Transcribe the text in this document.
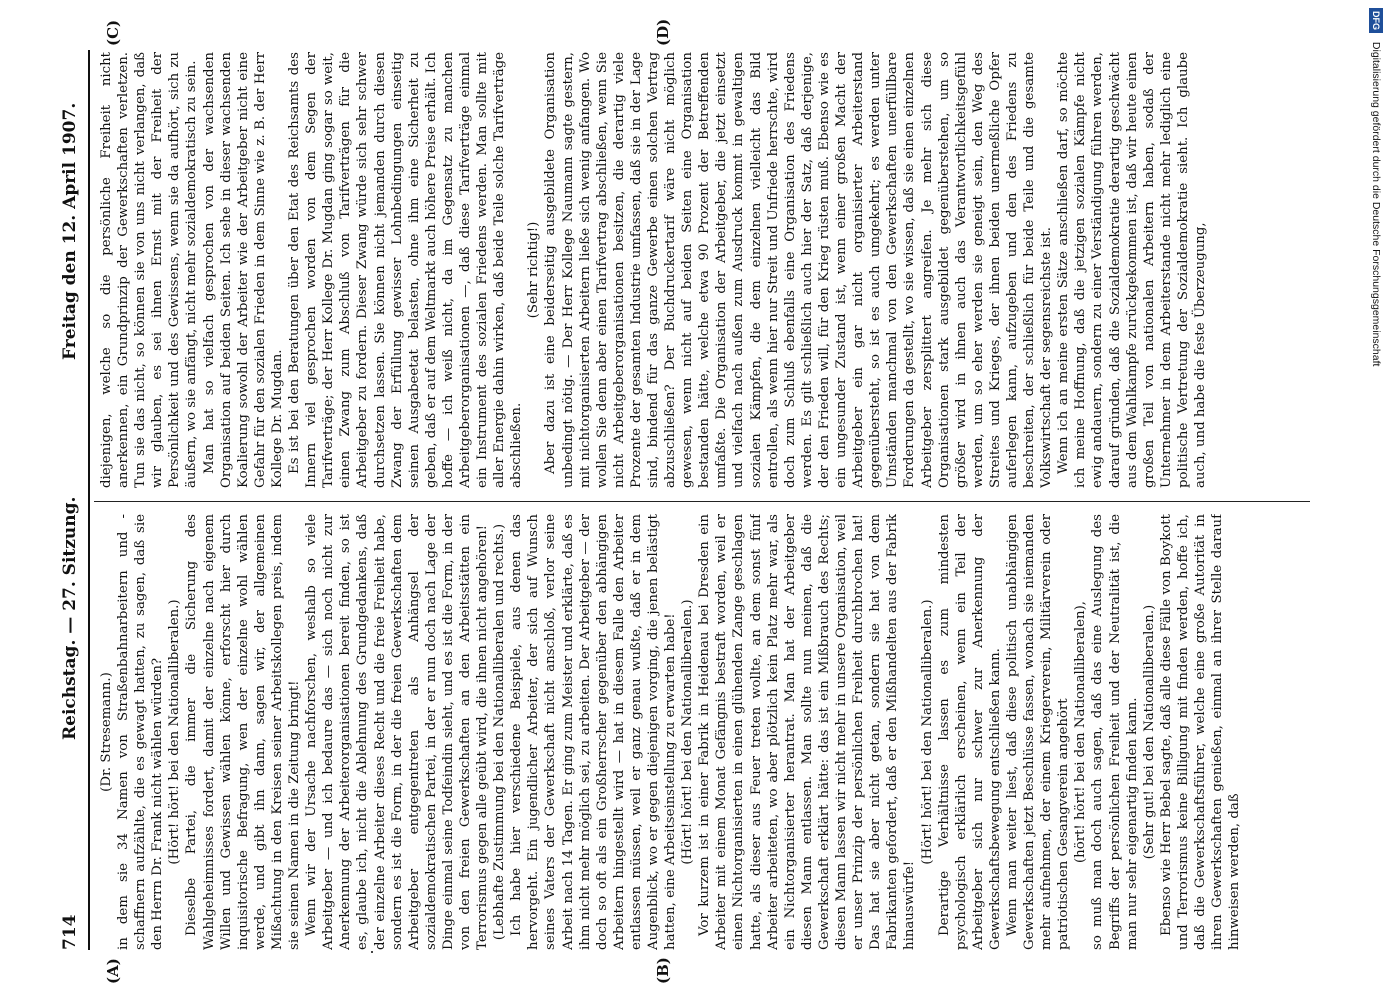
714
Reichstag. — 27. Sitzung.
Freitag den 12. April 1907.
(A)	(B)
(C)	(D)

(Dr. Stresemann.) in dem sie 34 Namen von Straßenbahnarbeitern und -schaffnern aufzählte, die es gewagt hatten, zu sagen, daß sie den Herrn Dr. Frank nicht wählen würden? (Hört! hört! bei den Nationalliberalen.) Dieselbe Partei, die immer die Sicherung des Wahlgeheimnisses fordert, damit der einzelne nach eigenem Willen und Gewissen wählen könne, erforscht hier durch inquisitorische Befragung, wen der einzelne wohl wählen werde, und gibt ihn dann, sagen wir, der allgemeinen Mißachtung in den Kreisen seiner Arbeitskollegen preis, indem sie seinen Namen in die Zeitung bringt! Wenn wir der Ursache nachforschen, weshalb so viele Arbeitgeber — und ich bedaure das — sich noch nicht zur Anerkennung der Arbeiterorganisationen bereit finden, so ist es, glaube ich, nicht die Ablehnung des Grundgedankens, daß der einzelne Arbeiter dieses Recht und die freie Freiheit habe, sondern es ist die Form, in der die freien Gewerkschaften dem Arbeitgeber entgegentreten als Anhängsel der sozialdemokratischen Partei, in der er nun doch nach Lage der Dinge einmal seine Todfeindin sieht, und es ist die Form, in der von den freien Gewerkschaften an den Arbeitsstätten ein Terrorismus gegen alle geübt wird, die ihnen nicht angehören! (Lebhafte Zustimmung bei den Nationalliberalen und rechts.) Ich habe hier verschiedene Beispiele, aus denen das hervorgeht. Ein jugendlicher Arbeiter, der sich auf Wunsch seines Vaters der Gewerkschaft nicht anschloß, verlor seine Arbeit nach 14 Tagen. Er ging zum Meister und erklärte, daß es ihm nicht mehr möglich sei, zu arbeiten. Der Arbeitgeber — der doch so oft als ein Großherrscher gegenüber den abhängigen Arbeitern hingestellt wird — hat in diesem Falle den Arbeiter entlassen müssen, weil er ganz genau wußte, daß er in dem Augenblick, wo er gegen diejenigen vorging, die jenen belästigt hatten, eine Arbeitseinstellung zu erwarten habe! (Hört! hört! bei den Nationalliberalen.) Vor kurzem ist in einer Fabrik in Heidenau bei Dresden ein Arbeiter mit einem Monat Gefängnis bestraft worden, weil er einen Nichtorganisierten in einen glühenden Zange geschlagen hatte, als dieser aus Feuer treten wollte, an dem sonst fünf Arbeiter arbeiteten, wo aber plötzlich kein Platz mehr war, als ein Nichtorganisierter herantrat. Man hat der Arbeitgeber diesen Mann entlassen. Man sollte nun meinen, daß die Gewerkschaft erklärt hätte: das ist ein Mißbrauch des Rechts; diesen Mann lassen wir nicht mehr in unsere Organisation, weil er unser Prinzip der persönlichen Freiheit durchbrochen hat! Das hat sie aber nicht getan, sondern sie hat von dem Fabrikanten gefordert, daß er den Mißhandelten aus der Fabrik hinauswürfe!

(Hört! hört! bei den Nationalliberalen.) Derartige Verhältnisse lassen es zum mindesten psychologisch erklärlich erscheinen, wenn ein Teil der Arbeitgeber sich nur schwer zur Anerkennung der Gewerkschaftsbewegung entschließen kann. Wenn man weiter liest, daß diese politisch unabhängigen Gewerkschaften jetzt Beschlüsse fassen, wonach sie niemanden mehr aufnehmen, der einem Kriegerverein, Militärverein oder patriotischen Gesangverein angehört (hört! hört! bei den Nationalliberalen), so muß man doch auch sagen, daß das eine Auslegung des Begriffs der persönlichen Freiheit und der Neutralität ist, die man nur sehr eigenartig finden kann. (Sehr gut! bei den Nationalliberalen.) Ebenso wie Herr Bebel sagte, daß alle diese Fälle von Boykott und Terrorismus keine Billigung mit finden werden, hoffe ich, daß die Gewerkschaftsführer, welche eine große Autorität in ihren Gewerkschaften genießen, einmal an ihrer Stelle darauf hinweisen werden, daß

diejenigen, welche so die persönliche Freiheit nicht anerkennen, ein Grundprinzip der Gewerkschaften verletzen. Tun sie das nicht, so können sie von uns nicht verlangen, daß wir glauben, es sei ihnen Ernst mit der Freiheit der Persönlichkeit und des Gewissens, wenn sie da aufhört, sich zu äußern, wo sie anfängt, nicht mehr sozialdemokratisch zu sein. Man hat so vielfach gesprochen von der wachsenden Organisation auf beiden Seiten. Ich sehe in dieser wachsenden Koalierung sowohl der Arbeiter wie der Arbeitgeber nicht eine Gefahr für den sozialen Frieden in dem Sinne wie z. B. der Herr Kollege Dr. Mugdan. Es ist bei den Beratungen über den Etat des Reichsamts des Innern viel gesprochen worden von dem Segen der Tarifverträge; der Herr Kollege Dr. Mugdan ging sogar so weit, einen Zwang zum Abschluß von Tarifverträgen für die Arbeitgeber zu fordern. Dieser Zwang würde sich sehr schwer durchsetzen lassen. Sie können nicht jemanden durch diesen Zwang der Erfüllung gewisser Lohnbedingungen einseitig seinen Ausgabeetat belasten, ohne ihm eine Sicherheit zu geben, daß er auf dem Weltmarkt auch höhere Preise erhält. Ich hoffe — ich weiß nicht, da im Gegensatz zu manchen Arbeitgeberorganisationen —, daß diese Tarifverträge einmal ein Instrument des sozialen Friedens werden. Man sollte mit aller Energie dahin wirken, daß beide Teile solche Tarifverträge abschließen.

(Sehr richtig!) Aber dazu ist eine beiderseitig ausgebildete Organisation unbedingt nötig. — Der Herr Kollege Naumann sagte gestern, mit nichtorganisierten Arbeitern ließe sich wenig anfangen. Wo wollen Sie denn aber einen Tarifvertrag abschließen, wenn Sie nicht Arbeitgeberorganisationen besitzen, die derartig viele Prozente der gesamten Industrie umfassen, daß sie in der Lage sind, bindend für das ganze Gewerbe einen solchen Vertrag abzuschließen? Der Buchdruckertarif wäre nicht möglich gewesen, wenn nicht auf beiden Seiten eine Organisation bestanden hätte, welche etwa 90 Prozent der Betreffenden umfaßte. Die Organisation der Arbeitgeber, die jetzt einsetzt und vielfach nach außen zum Ausdruck kommt in gewaltigen sozialen Kämpfen, die dem einzelnen vielleicht das Bild entrollen, als wenn hier nur Streit und Unfriede herrschte, wird doch zum Schluß ebenfalls eine Organisation des Friedens werden. Es gilt schließlich auch hier der Satz, daß derjenige, der den Frieden will, für den Krieg rüsten muß. Ebenso wie es ein ungesunder Zustand ist, wenn einer großen Macht der Arbeitgeber ein gar nicht organisierter Arbeiterstand gegenübersteht, so ist es auch umgekehrt; es werden unter Umständen manchmal von den Gewerkschaften unerfüllbare Forderungen da gestellt, wo sie wissen, daß sie einen einzelnen Arbeitgeber zersplittert angreifen. Je mehr sich diese Organisationen stark ausgebildet gegenüberstehen, um so größer wird in ihnen auch das Verantwortlichkeitsgefühl werden, um so eher werden sie geneigt sein, den Weg des Streites und Krieges, der ihnen beiden unermeßliche Opfer auferlegen kann, aufzugeben und den des Friedens zu beschreiten, der schließlich für beide Teile und die gesamte Volkswirtschaft der segensreichste ist. Wenn ich an meine ersten Sätze anschließen darf, so möchte ich meine Hoffnung, daß die jetzigen sozialen Kämpfe nicht ewig andauern, sondern zu einer Verständigung führen werden, darauf gründen, daß die Sozialdemokratie derartig geschwächt aus dem Wahlkampfe zurückgekommen ist, daß wir heute einen großen Teil von nationalen Arbeitern haben, sodaß der Unternehmer in dem Arbeiterstande nicht mehr lediglich eine politische Vertretung der Sozialdemokratie sieht. Ich glaube auch, und habe die feste Überzeugung,

DFG Digitalisierung gefördert durch die Deutsche Forschungsgemeinschaft
